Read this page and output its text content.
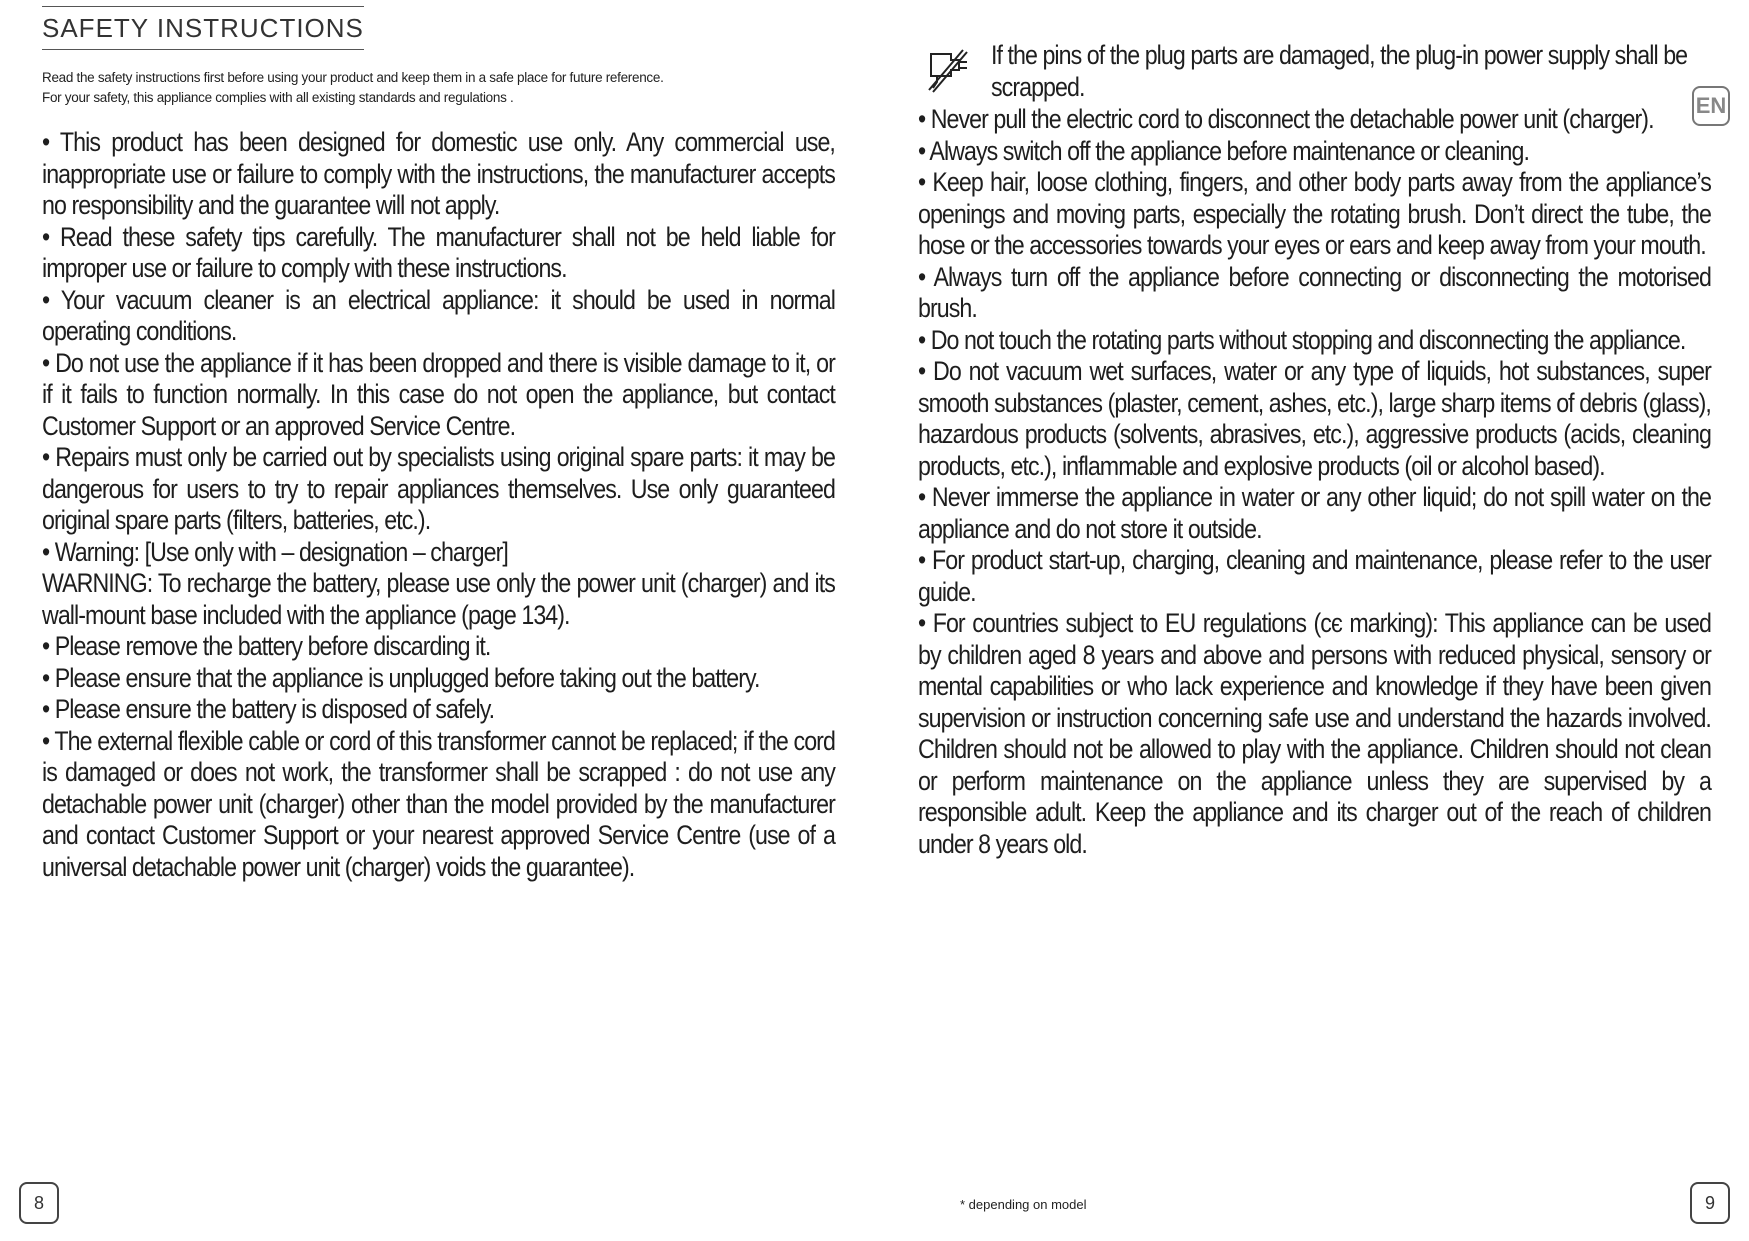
SAFETY INSTRUCTIONS
Read the safety instructions first before using your product and keep them in a safe place for future reference.
For your safety, this appliance complies with all existing standards and regulations .

• This product has been designed for domestic use only. Any commercial use, inappropriate use or failure to comply with the instructions, the manufacturer accepts no responsibility and the guarantee will not apply.

• Read these safety tips carefully. The manufacturer shall not be held liable for improper use or failure to comply with these instructions.

• Your vacuum cleaner is an electrical appliance: it should be used in normal operating conditions.

• Do not use the appliance if it has been dropped and there is visible damage to it, or if it fails to function normally. In this case do not open the appliance, but contact Customer Support or an approved Service Centre.

• Repairs must only be carried out by specialists using original spare parts: it may be dangerous for users to try to repair appliances themselves. Use only guaranteed original spare parts (filters, batteries, etc.).

• Warning: [Use only with – designation – charger]

WARNING: To recharge the battery, please use only the power unit (charger) and its wall-mount base included with the appliance (page 134).

• Please remove the battery before discarding it.

• Please ensure that the appliance is unplugged before taking out the battery.

• Please ensure the battery is disposed of safely.

• The external flexible cable or cord of this transformer cannot be replaced; if the cord is damaged or does not work, the transformer shall be scrapped : do not use any detachable power unit (charger) other than the model provided by the manufacturer and contact Customer Support or your nearest approved Service Centre (use of a universal detachable power unit (charger) voids the guarantee).

8
If the pins of the plug parts are damaged, the plug-in power supply shall be scrapped.
EN

• Never pull the electric cord to disconnect the detachable power unit (charger).

• Always switch off the appliance before maintenance or cleaning.

• Keep hair, loose clothing, fingers, and other body parts away from the appliance’s openings and moving parts, especially the rotating brush. Don’t direct the tube, the hose or the accessories towards your eyes or ears and keep away from your mouth.

• Always turn off the appliance before connecting or disconnecting the motorised brush.

• Do not touch the rotating parts without stopping and disconnecting the appliance.

• Do not vacuum wet surfaces, water or any type of liquids, hot substances, super smooth substances (plaster, cement, ashes, etc.), large sharp items of debris (glass), hazardous products (solvents, abrasives, etc.), aggressive products (acids, cleaning products, etc.), inflammable and explosive products (oil or alcohol based).

• Never immerse the appliance in water or any other liquid; do not spill water on the appliance and do not store it outside.

• For product start-up, charging, cleaning and maintenance, please refer to the user guide.

• For countries subject to EU regulations (cє marking): This appliance can be used by children aged 8 years and above and persons with reduced physical, sensory or mental capabilities or who lack experience and knowledge if they have been given supervision or instruction concerning safe use and understand the hazards involved. Children should not be allowed to play with the appliance. Children should not clean or perform maintenance on the appliance unless they are supervised by a responsible adult. Keep the appliance and its charger out of the reach of children under 8 years old.

* depending on model	9
